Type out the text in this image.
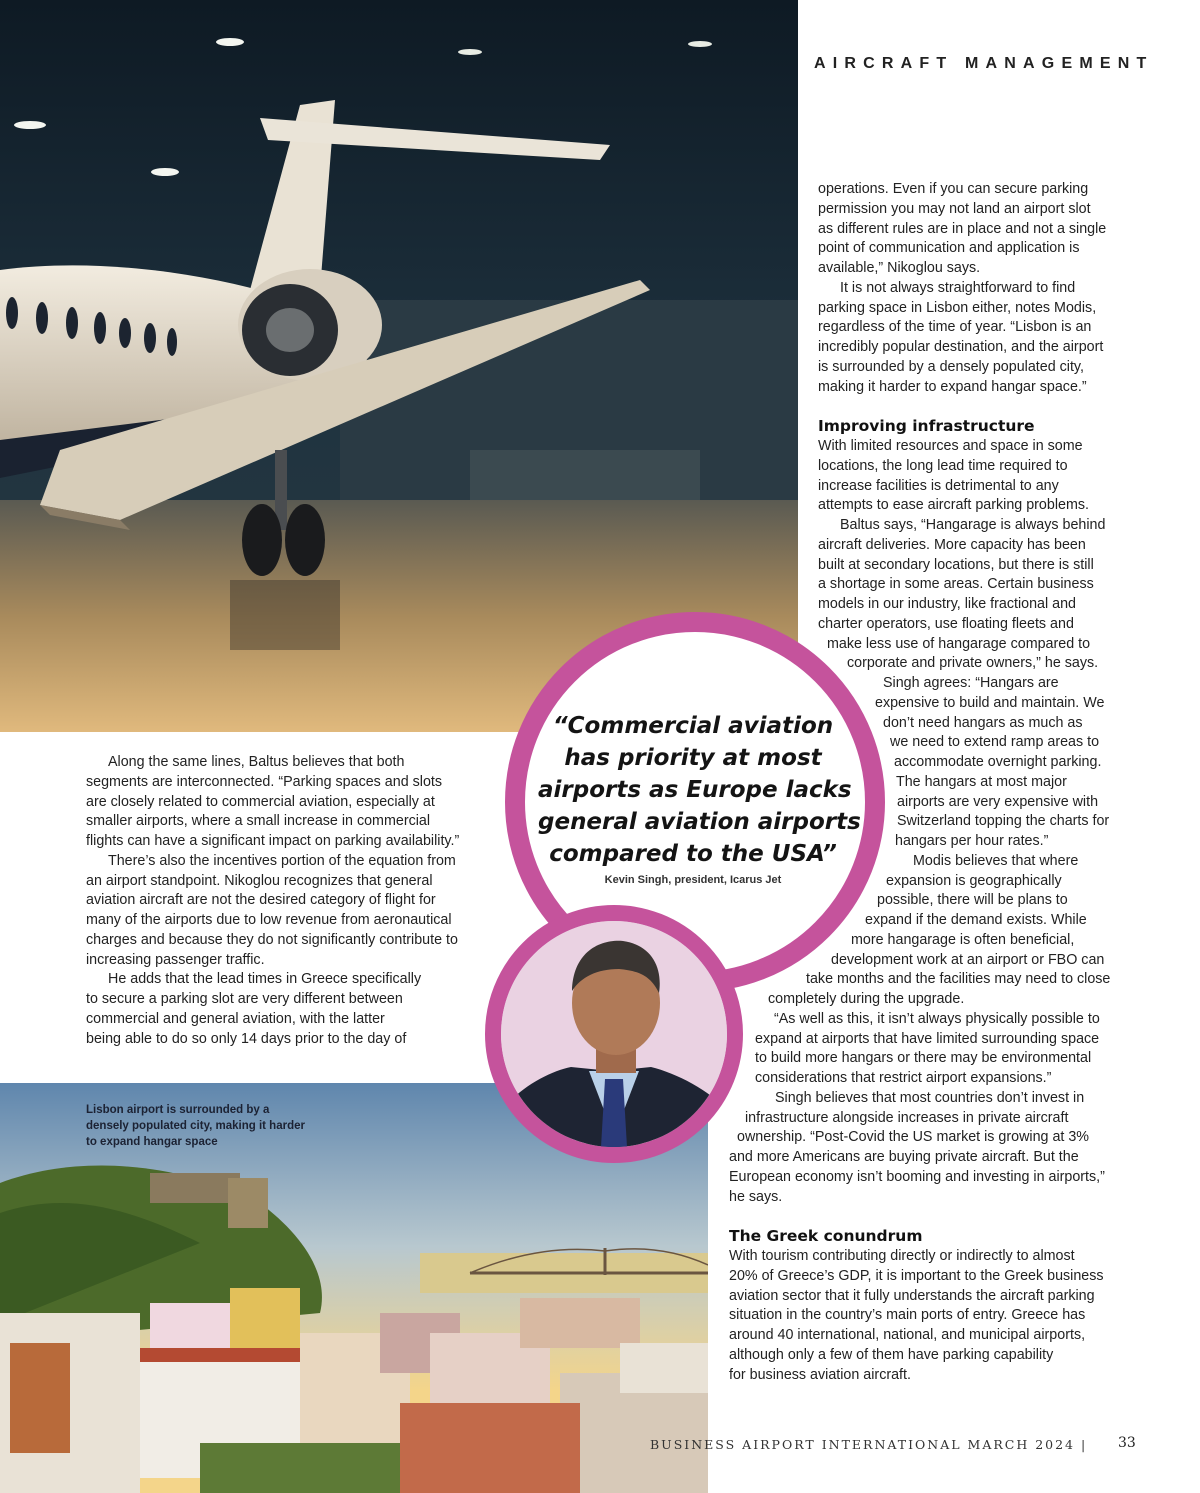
A lack of hangarage
for business aircraft
is holding back
operational expansion
in some regions
AIRCRAFT MANAGEMENT
operations. Even if you can secure parking
permission you may not land an airport slot
as different rules are in place and not a single
point of communication and application is
available,” Nikoglou says.
It is not always straightforward to find
parking space in Lisbon either, notes Modis,
regardless of the time of year. “Lisbon is an
incredibly popular destination, and the airport
is surrounded by a densely populated city,
making it harder to expand hangar space.”
Improving infrastructure
With limited resources and space in some
locations, the long lead time required to
increase facilities is detrimental to any
attempts to ease aircraft parking problems.
Baltus says, “Hangarage is always behind
aircraft deliveries. More capacity has been
built at secondary locations, but there is still
a shortage in some areas. Certain business
models in our industry, like fractional and
charter operators, use floating fleets and
make less use of hangarage compared to
corporate and private owners,” he says.
Singh agrees: “Hangars are
expensive to build and maintain. We
don’t need hangars as much as
we need to extend ramp areas to
accommodate overnight parking.
The hangars at most major
airports are very expensive with
Switzerland topping the charts for
hangars per hour rates.”
Modis believes that where
expansion is geographically
possible, there will be plans to
expand if the demand exists. While
more hangarage is often beneficial,
development work at an airport or FBO can
take months and the facilities may need to close
completely during the upgrade.
“As well as this, it isn’t always physically possible to
expand at airports that have limited surrounding space
to build more hangars or there may be environmental
considerations that restrict airport expansions.”
Singh believes that most countries don’t invest in
infrastructure alongside increases in private aircraft
ownership. “Post-Covid the US market is growing at 3%
and more Americans are buying private aircraft. But the
European economy isn’t booming and investing in airports,”
he says.
The Greek conundrum
With tourism contributing directly or indirectly to almost
20% of Greece’s GDP, it is important to the Greek business
aviation sector that it fully understands the aircraft parking
situation in the country’s main ports of entry. Greece has
around 40 international, national, and municipal airports,
although only a few of them have parking capability
for business aviation aircraft.
Along the same lines, Baltus believes that both
segments are interconnected. “Parking spaces and slots
are closely related to commercial aviation, especially at
smaller airports, where a small increase in commercial
flights can have a significant impact on parking availability.”
There’s also the incentives portion of the equation from
an airport standpoint. Nikoglou recognizes that general
aviation aircraft are not the desired category of flight for
many of the airports due to low revenue from aeronautical
charges and because they do not significantly contribute to
increasing passenger traffic.
He adds that the lead times in Greece specifically
to secure a parking slot are very different between
commercial and general aviation, with the latter
being able to do so only 14 days prior to the day of
Lisbon airport is surrounded by a
densely populated city, making it harder
to expand hangar space
“Commercial aviation
has priority at most
airports as Europe lacks
general aviation airports
compared to the USA”
Kevin Singh, president, Icarus Jet
BUSINESS AIRPORT INTERNATIONAL MARCH 2024 | 33
